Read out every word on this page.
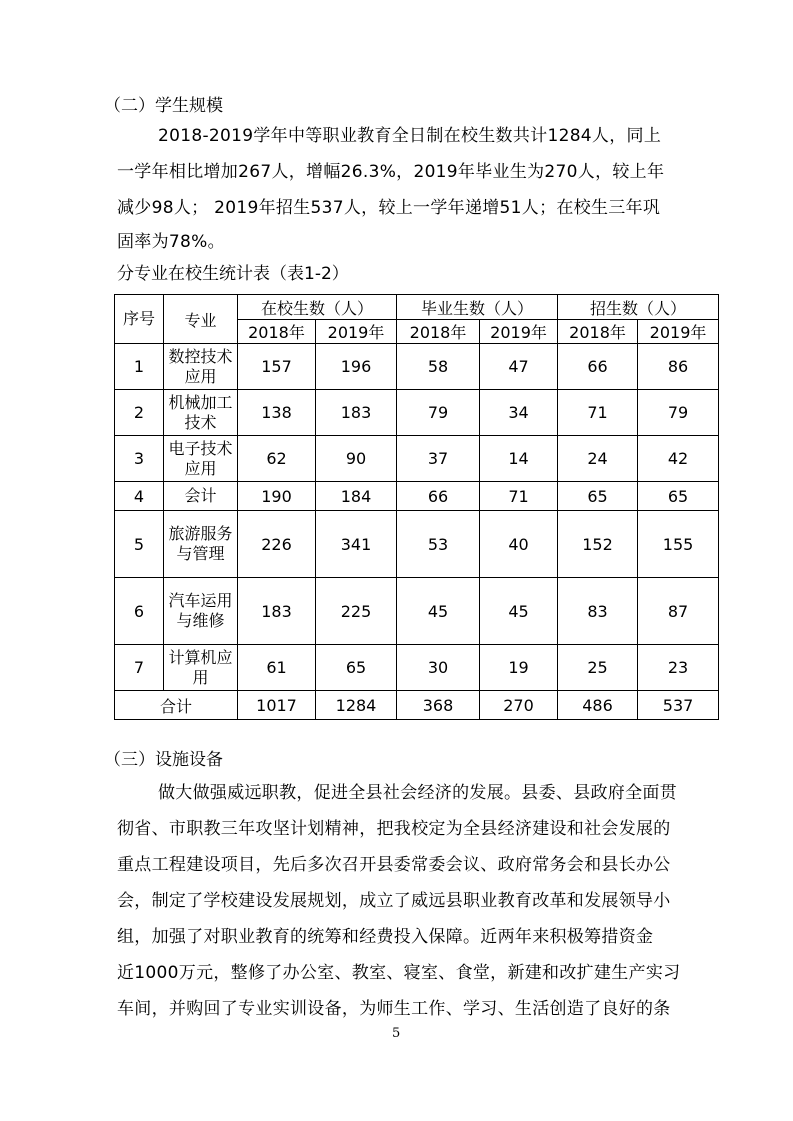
（二）学生规模
2018-2019学年中等职业教育全日制在校生数共计1284人，同上
一学年相比增加267人，增幅26.3%，2019年毕业生为270人，较上年
减少98人； 2019年招生537人，较上一学年递增51人；在校生三年巩
固率为78%。
分专业在校生统计表（表1-2）
序号	专业	在校生数（人）		毕业生数（人）		招生数（人）	
		2018年	2019年	2018年	2019年	2018年	2019年
1	数控技术应用	157	196	58	47	66	86
2	机械加工技术	138	183	79	34	71	79
3	电子技术应用	62	90	37	14	24	42
4	会计	190	184	66	71	65	65
5	旅游服务与管理	226	341	53	40	152	155
6	汽车运用与维修	183	225	45	45	83	87
7	计算机应用	61	65	30	19	25	23
合计		1017	1284	368	270	486	537
（三）设施设备
做大做强威远职教，促进全县社会经济的发展。县委、县政府全面贯
彻省、市职教三年攻坚计划精神，把我校定为全县经济建设和社会发展的
重点工程建设项目，先后多次召开县委常委会议、政府常务会和县长办公
会，制定了学校建设发展规划，成立了威远县职业教育改革和发展领导小
组，加强了对职业教育的统筹和经费投入保障。近两年来积极筹措资金
近1000万元，整修了办公室、教室、寝室、食堂，新建和改扩建生产实习
车间，并购回了专业实训设备，为师生工作、学习、生活创造了良好的条
5
